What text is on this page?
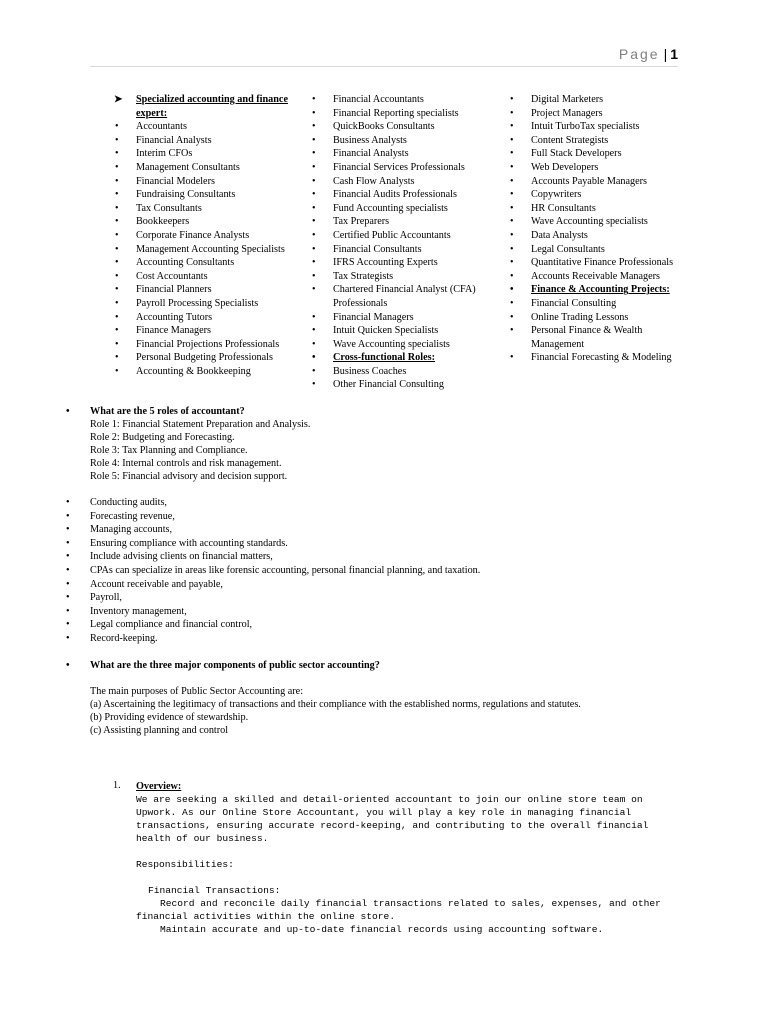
Page | 1
➤ Specialized accounting and finance expert:
• Accountants
• Financial Analysts
• Interim CFOs
• Management Consultants
• Financial Modelers
• Fundraising Consultants
• Tax Consultants
• Bookkeepers
• Corporate Finance Analysts
• Management Accounting Specialists
• Accounting Consultants
• Cost Accountants
• Financial Planners
• Payroll Processing Specialists
• Accounting Tutors
• Finance Managers
• Financial Projections Professionals
• Personal Budgeting Professionals
• Accounting & Bookkeeping
• Financial Accountants
• Financial Reporting specialists
• QuickBooks Consultants
• Business Analysts
• Financial Analysts
• Financial Services Professionals
• Cash Flow Analysts
• Financial Audits Professionals
• Fund Accounting specialists
• Tax Preparers
• Certified Public Accountants
• Financial Consultants
• IFRS Accounting Experts
• Tax Strategists
• Chartered Financial Analyst (CFA) Professionals
• Financial Managers
• Intuit Quicken Specialists
• Wave Accounting specialists
• Cross-functional Roles:
• Business Coaches
• Other Financial Consulting
• Digital Marketers
• Project Managers
• Intuit TurboTax specialists
• Content Strategists
• Full Stack Developers
• Web Developers
• Accounts Payable Managers
• Copywriters
• HR Consultants
• Wave Accounting specialists
• Data Analysts
• Legal Consultants
• Quantitative Finance Professionals
• Accounts Receivable Managers
• Finance & Accounting Projects:
• Financial Consulting
• Online Trading Lessons
• Personal Finance & Wealth Management
• Financial Forecasting & Modeling
• What are the 5 roles of accountant?
Role 1: Financial Statement Preparation and Analysis.
Role 2: Budgeting and Forecasting.
Role 3: Tax Planning and Compliance.
Role 4: Internal controls and risk management.
Role 5: Financial advisory and decision support.
• Conducting audits,
• Forecasting revenue,
• Managing accounts,
• Ensuring compliance with accounting standards.
• Include advising clients on financial matters,
• CPAs can specialize in areas like forensic accounting, personal financial planning, and taxation.
• Account receivable and payable,
• Payroll,
• Inventory management,
• Legal compliance and financial control,
• Record-keeping.
• What are the three major components of public sector accounting?
The main purposes of Public Sector Accounting are:
(a) Ascertaining the legitimacy of transactions and their compliance with the established norms, regulations and statutes.
(b) Providing evidence of stewardship.
(c) Assisting planning and control
1. Overview:
We are seeking a skilled and detail-oriented accountant to join our online store team on Upwork. As our Online Store Accountant, you will play a key role in managing financial transactions, ensuring accurate record-keeping, and contributing to the overall financial health of our business.
Responsibilities:
Financial Transactions:
Record and reconcile daily financial transactions related to sales, expenses, and other financial activities within the online store.
Maintain accurate and up-to-date financial records using accounting software.
